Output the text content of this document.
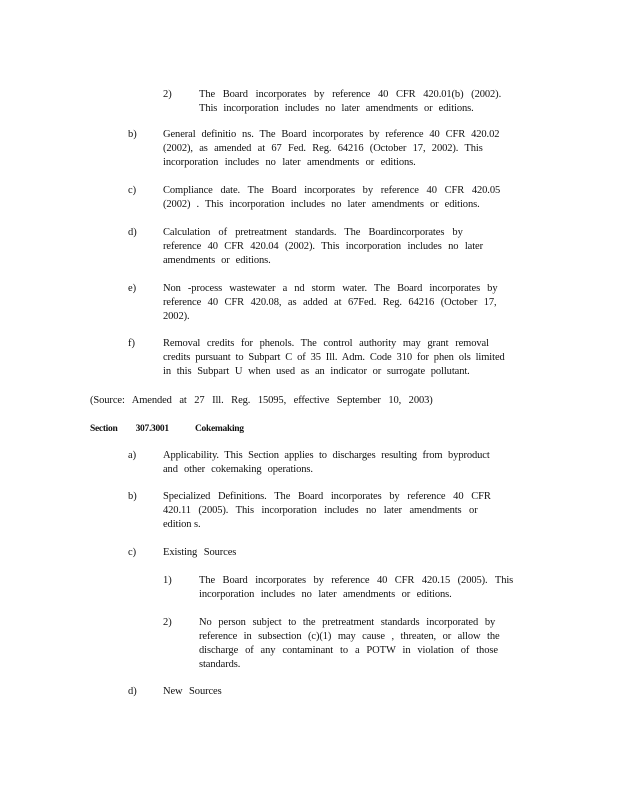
2)	The Board incorporates by reference 40 CFR 420.01(b) (2002).
This incorporation includes no later amendments or editions.
b)	General definitio ns. The Board incorporates by reference 40 CFR 420.02
(2002), as amended at 67 Fed. Reg. 64216 (October 17, 2002). This
incorporation includes no later amendments or editions.
c)	Compliance date. The Board incorporates by reference 40 CFR 420.05
(2002) . This incorporation includes no later amendments or editions.
d)	Calculation of pretreatment standards. The Boardincorporates by
reference 40 CFR 420.04 (2002). This incorporation includes no later
amendments or editions.
e)	Non -process wastewater a nd storm water. The Board incorporates by
reference 40 CFR 420.08, as added at 67Fed. Reg. 64216 (October 17,
2002).
f)	Removal credits for phenols. The control authority may grant removal
credits pursuant to Subpart C of 35 Ill. Adm. Code 310 for phen ols limited
in this Subpart U when used as an indicator or surrogate pollutant.
(Source: Amended at 27 Ill. Reg. 15095, effective September 10, 2003)
Section 307.3001	Cokemaking
a)	Applicability. This Section applies to discharges resulting from byproduct
and other cokemaking operations.
b)	Specialized Definitions. The Board incorporates by reference 40 CFR
420.11 (2005). This incorporation includes no later amendments or
edition s.
c)	Existing Sources
1)	The Board incorporates by reference 40 CFR 420.15 (2005). This
incorporation includes no later amendments or editions.
2)	No person subject to the pretreatment standards incorporated by
reference in subsection (c)(1) may cause , threaten, or allow the
discharge of any contaminant to a POTW in violation of those
standards.
d)	New Sources
